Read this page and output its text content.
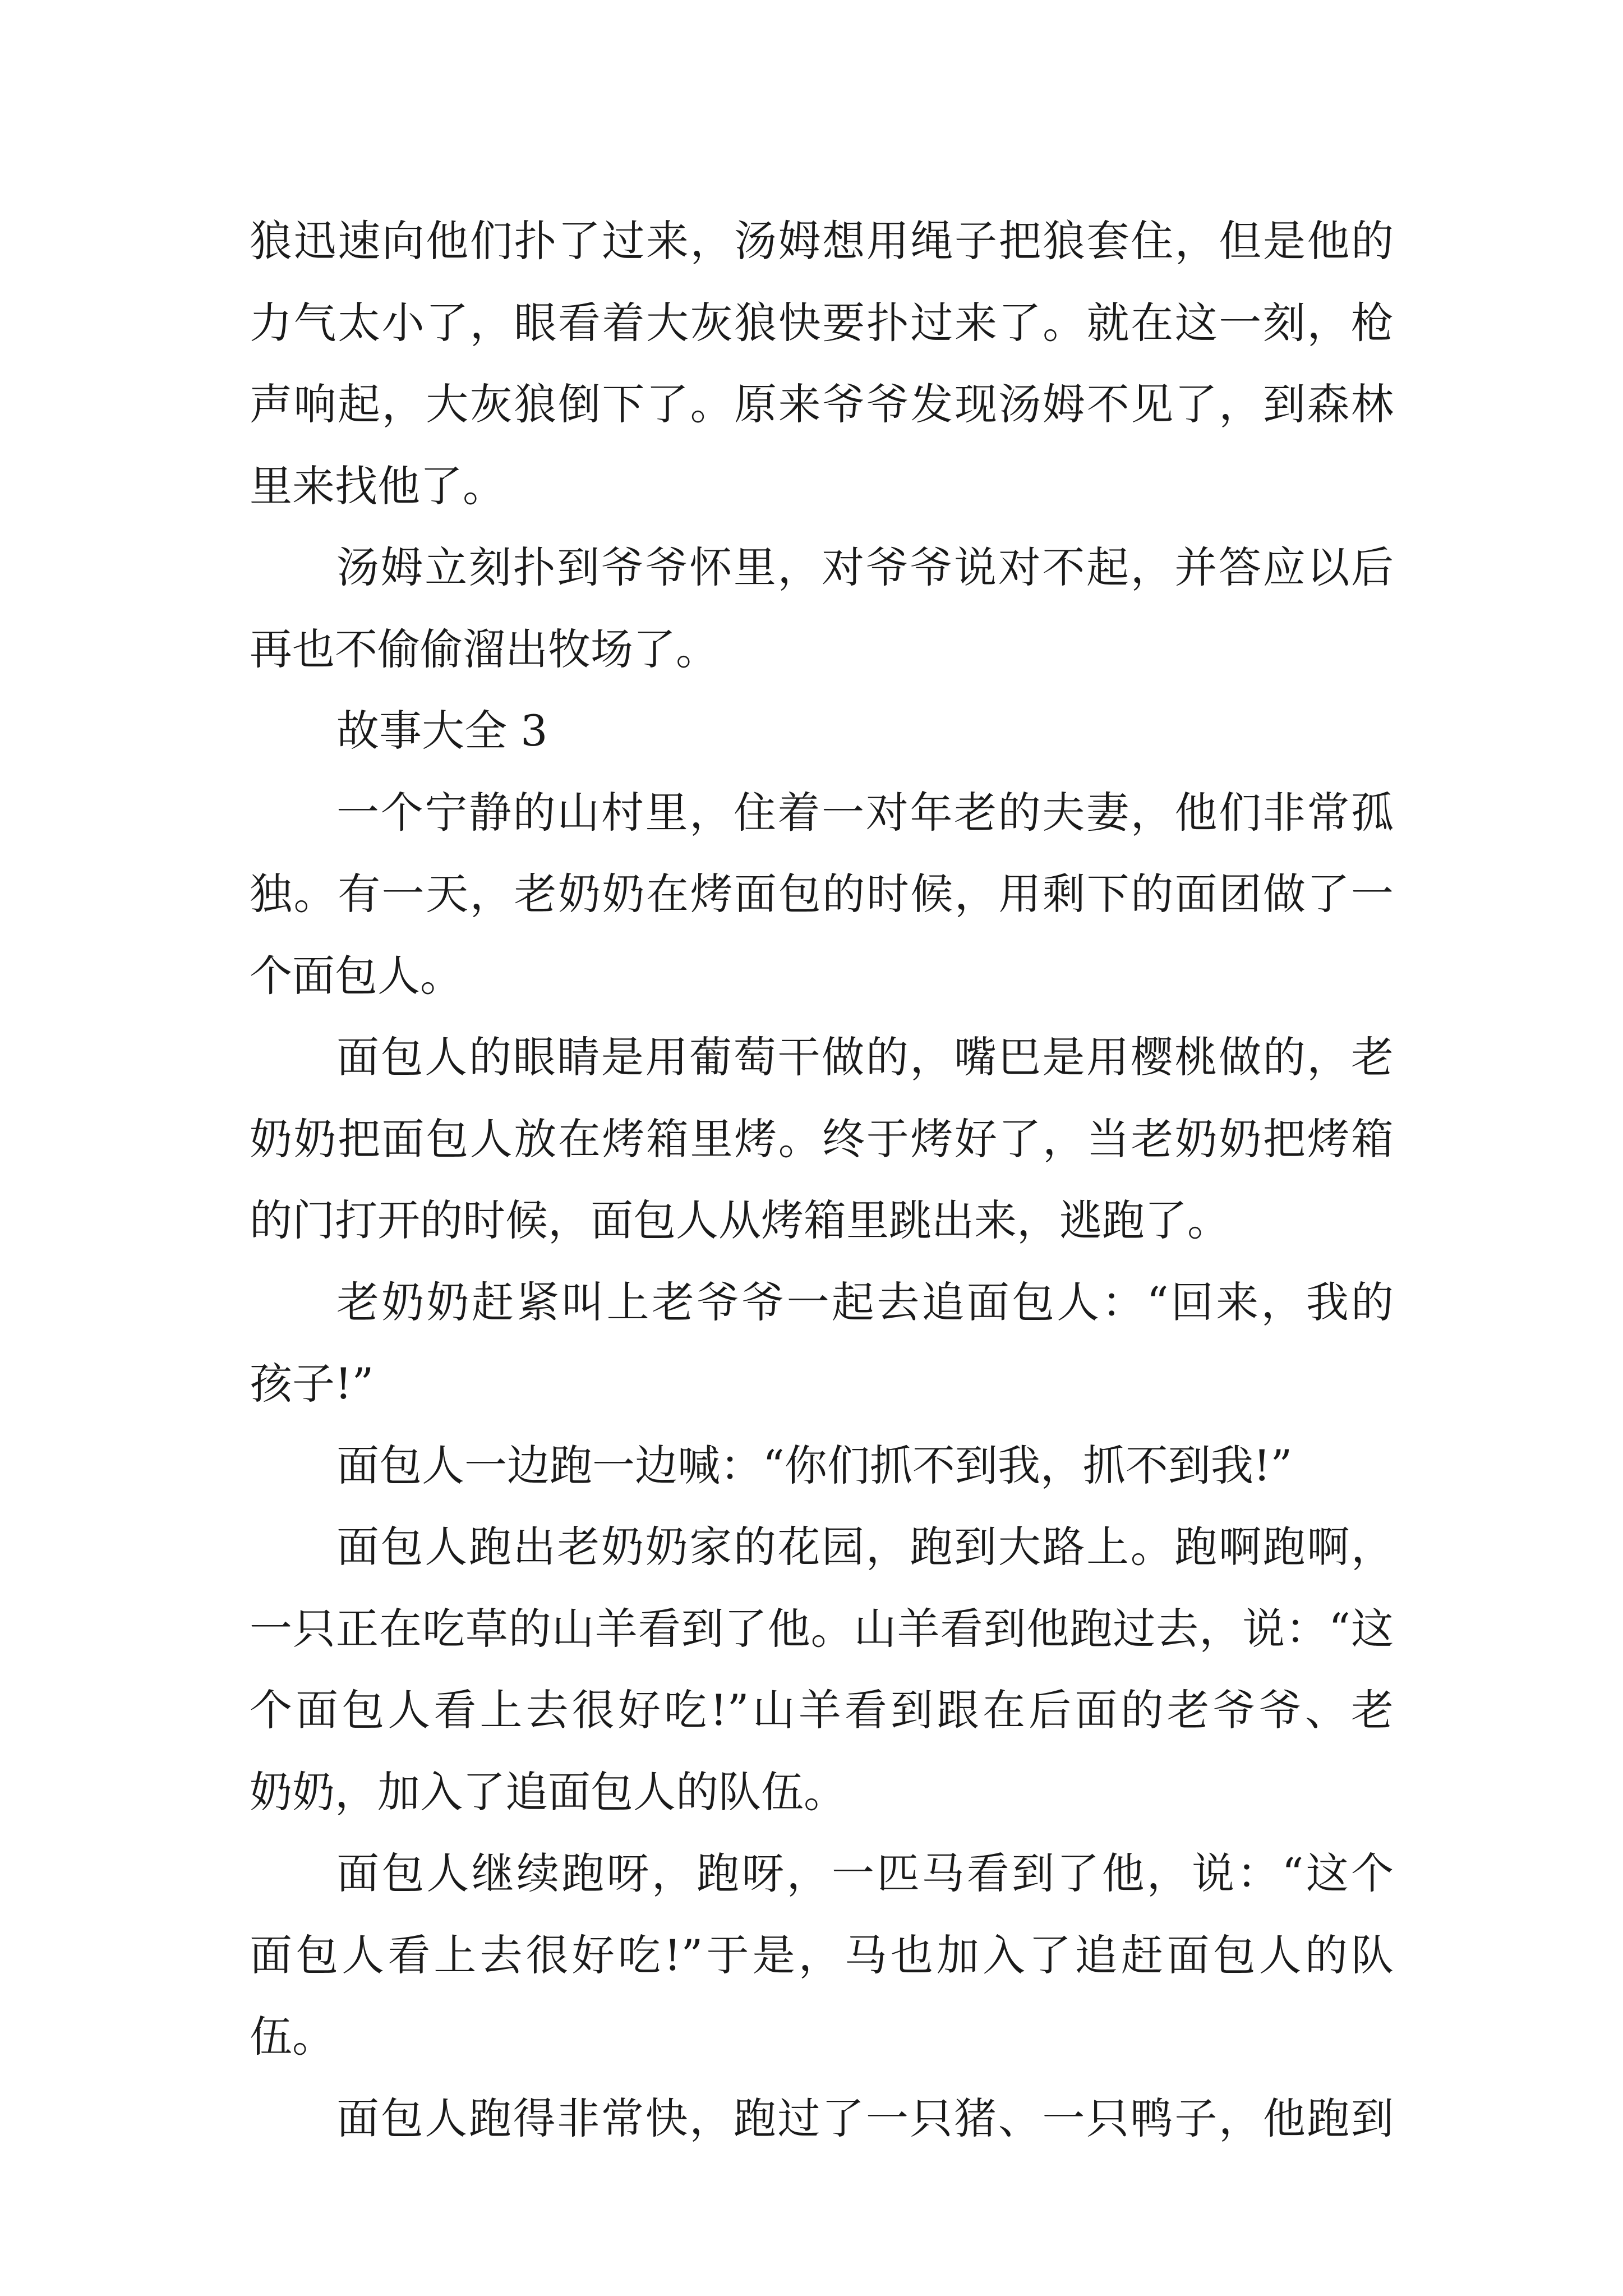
狼迅速向他们扑了过来，汤姆想用绳子把狼套住，但是他的
力气太小了，眼看着大灰狼快要扑过来了。就在这一刻，枪
声响起，大灰狼倒下了。原来爷爷发现汤姆不见了，到森林
里来找他了。
汤姆立刻扑到爷爷怀里，对爷爷说对不起，并答应以后
再也不偷偷溜出牧场了。
故事大全 3
一个宁静的山村里，住着一对年老的夫妻，他们非常孤
独。有一天，老奶奶在烤面包的时候，用剩下的面团做了一
个面包人。
面包人的眼睛是用葡萄干做的，嘴巴是用樱桃做的，老
奶奶把面包人放在烤箱里烤。终于烤好了，当老奶奶把烤箱
的门打开的时候，面包人从烤箱里跳出来，逃跑了。
老奶奶赶紧叫上老爷爷一起去追面包人：“回来，我的
孩子!”
面包人一边跑一边喊：“你们抓不到我，抓不到我!”
面包人跑出老奶奶家的花园，跑到大路上。跑啊跑啊，
一只正在吃草的山羊看到了他。山羊看到他跑过去，说：“这
个面包人看上去很好吃!”山羊看到跟在后面的老爷爷、老
奶奶，加入了追面包人的队伍。
面包人继续跑呀，跑呀，一匹马看到了他，说：“这个
面包人看上去很好吃!”于是，马也加入了追赶面包人的队
伍。
面包人跑得非常快，跑过了一只猪、一只鸭子，他跑到
